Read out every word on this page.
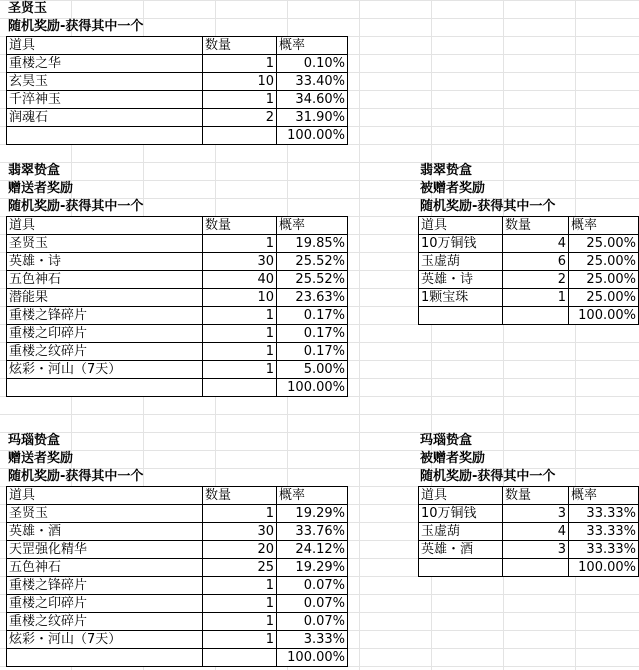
圣贤玉
随机奖励-获得其中一个
道具	数量	概率
重楼之华	1	0.10%
玄昊玉	10	33.40%
千淬神玉	1	34.60%
润魂石	2	31.90%
		100.00%
翡翠贽盒
赠送者奖励
随机奖励-获得其中一个
道具	数量	概率
圣贤玉	1	19.85%
英雄・诗	30	25.52%
五色神石	40	25.52%
潜能果	10	23.63%
重楼之锋碎片	1	0.17%
重楼之印碎片	1	0.17%
重楼之纹碎片	1	0.17%
炫彩・河山（7天）	1	5.00%
		100.00%
翡翠贽盒
被赠者奖励
随机奖励-获得其中一个
道具	数量	概率
10万铜钱	4	25.00%
玉虚葫	6	25.00%
英雄・诗	2	25.00%
1颗宝珠	1	25.00%
		100.00%
玛瑙贽盒
赠送者奖励
随机奖励-获得其中一个
道具	数量	概率
圣贤玉	1	19.29%
英雄・酒	30	33.76%
天罡强化精华	20	24.12%
五色神石	25	19.29%
重楼之锋碎片	1	0.07%
重楼之印碎片	1	0.07%
重楼之纹碎片	1	0.07%
炫彩・河山（7天）	1	3.33%
		100.00%
玛瑙贽盒
被赠者奖励
随机奖励-获得其中一个
道具	数量	概率
10万铜钱	3	33.33%
玉虚葫	4	33.33%
英雄・酒	3	33.33%
		100.00%
